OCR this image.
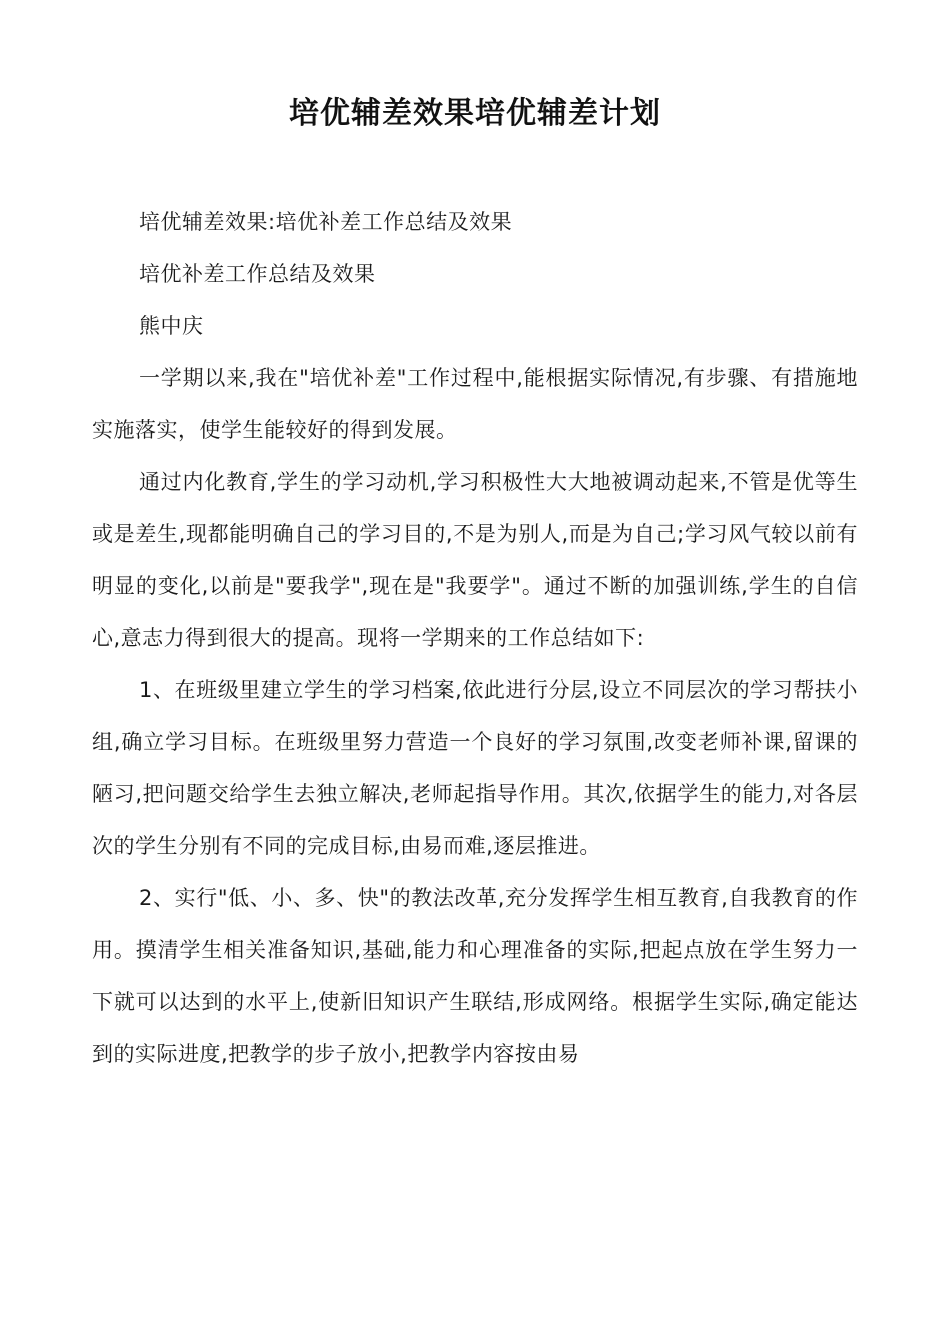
培优辅差效果培优辅差计划

培优辅差效果:培优补差工作总结及效果

培优补差工作总结及效果

熊中庆

一学期以来,我在"培优补差"工作过程中,能根据实际情况,有步骤、有措施地实施落实，使学生能较好的得到发展。

通过内化教育,学生的学习动机,学习积极性大大地被调动起来,不管是优等生或是差生,现都能明确自己的学习目的,不是为别人,而是为自己;学习风气较以前有明显的变化,以前是"要我学",现在是"我要学"。通过不断的加强训练,学生的自信心,意志力得到很大的提高。现将一学期来的工作总结如下:

1、在班级里建立学生的学习档案,依此进行分层,设立不同层次的学习帮扶小组,确立学习目标。在班级里努力营造一个良好的学习氛围,改变老师补课,留课的陋习,把问题交给学生去独立解决,老师起指导作用。其次,依据学生的能力,对各层次的学生分别有不同的完成目标,由易而难,逐层推进。

2、实行"低、小、多、快"的教法改革,充分发挥学生相互教育,自我教育的作用。摸清学生相关准备知识,基础,能力和心理准备的实际,把起点放在学生努力一下就可以达到的水平上,使新旧知识产生联结,形成网络。根据学生实际,确定能达到的实际进度,把教学的步子放小,把教学内容按由易
